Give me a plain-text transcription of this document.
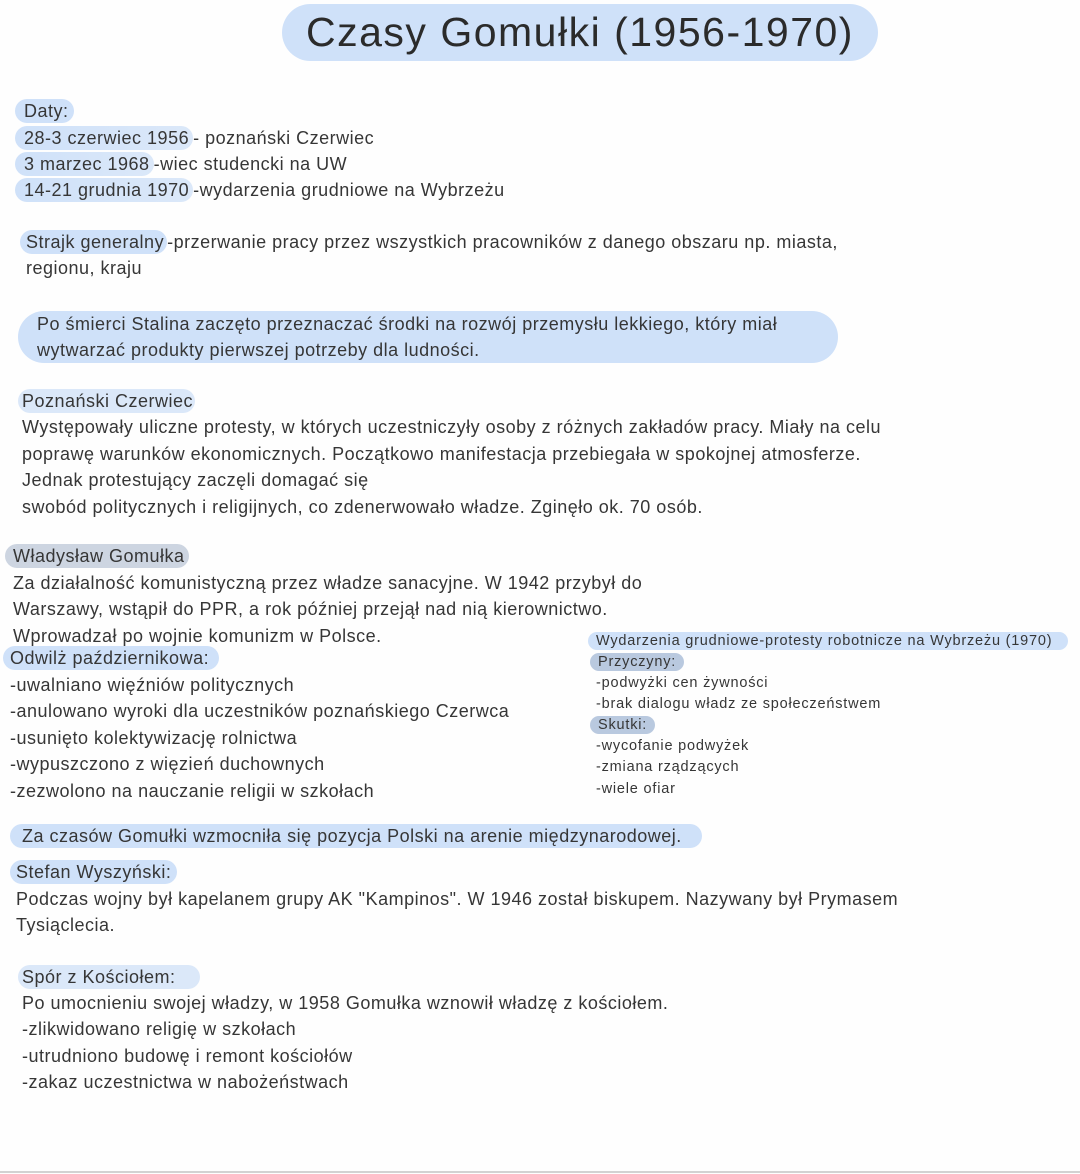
Czasy Gomułki (1956-1970)
Daty:
28-3 czerwiec 1956 - poznański Czerwiec
3 marzec 1968 -wiec studencki na UW
14-21 grudnia 1970 -wydarzenia grudniowe na Wybrzeżu
Strajk generalny -przerwanie pracy przez wszystkich pracowników z danego obszaru np. miasta,
regionu, kraju
Po śmierci Stalina zaczęto przeznaczać środki na rozwój przemysłu lekkiego, który miał
wytwarzać produkty pierwszej potrzeby dla ludności.
Poznański Czerwiec
Występowały uliczne protesty, w których uczestniczyły osoby z różnych zakładów pracy. Miały na celu
poprawę warunków ekonomicznych. Początkowo manifestacja przebiegała w spokojnej atmosferze.
Jednak protestujący zaczęli domagać się
swobód politycznych i religijnych, co zdenerwowało władze. Zginęło ok. 70 osób.
Władysław Gomułka
Za działalność komunistyczną przez władze sanacyjne. W 1942 przybył do
Warszawy, wstąpił do PPR, a rok później przejął nad nią kierownictwo.
Wprowadzał po wojnie komunizm w Polsce.
Odwilż październikowa:
-uwalniano więźniów politycznych
-anulowano wyroki dla uczestników poznańskiego Czerwca
-usunięto kolektywizację rolnictwa
-wypuszczono z więzień duchownych
-zezwolono na nauczanie religii w szkołach
Wydarzenia grudniowe-protesty robotnicze na Wybrzeżu (1970)
Przyczyny:
-podwyżki cen żywności
-brak dialogu władz ze społeczeństwem
Skutki:
-wycofanie podwyżek
-zmiana rządzących
-wiele ofiar
Za czasów Gomułki wzmocniła się pozycja Polski na arenie międzynarodowej.
Stefan Wyszyński:
Podczas wojny był kapelanem grupy AK "Kampinos". W 1946 został biskupem. Nazywany był Prymasem
Tysiąclecia.
Spór z Kościołem:
Po umocnieniu swojej władzy, w 1958 Gomułka wznowił władzę z kościołem.
-zlikwidowano religię w szkołach
-utrudniono budowę i remont kościołów
-zakaz uczestnictwa w nabożeństwach
